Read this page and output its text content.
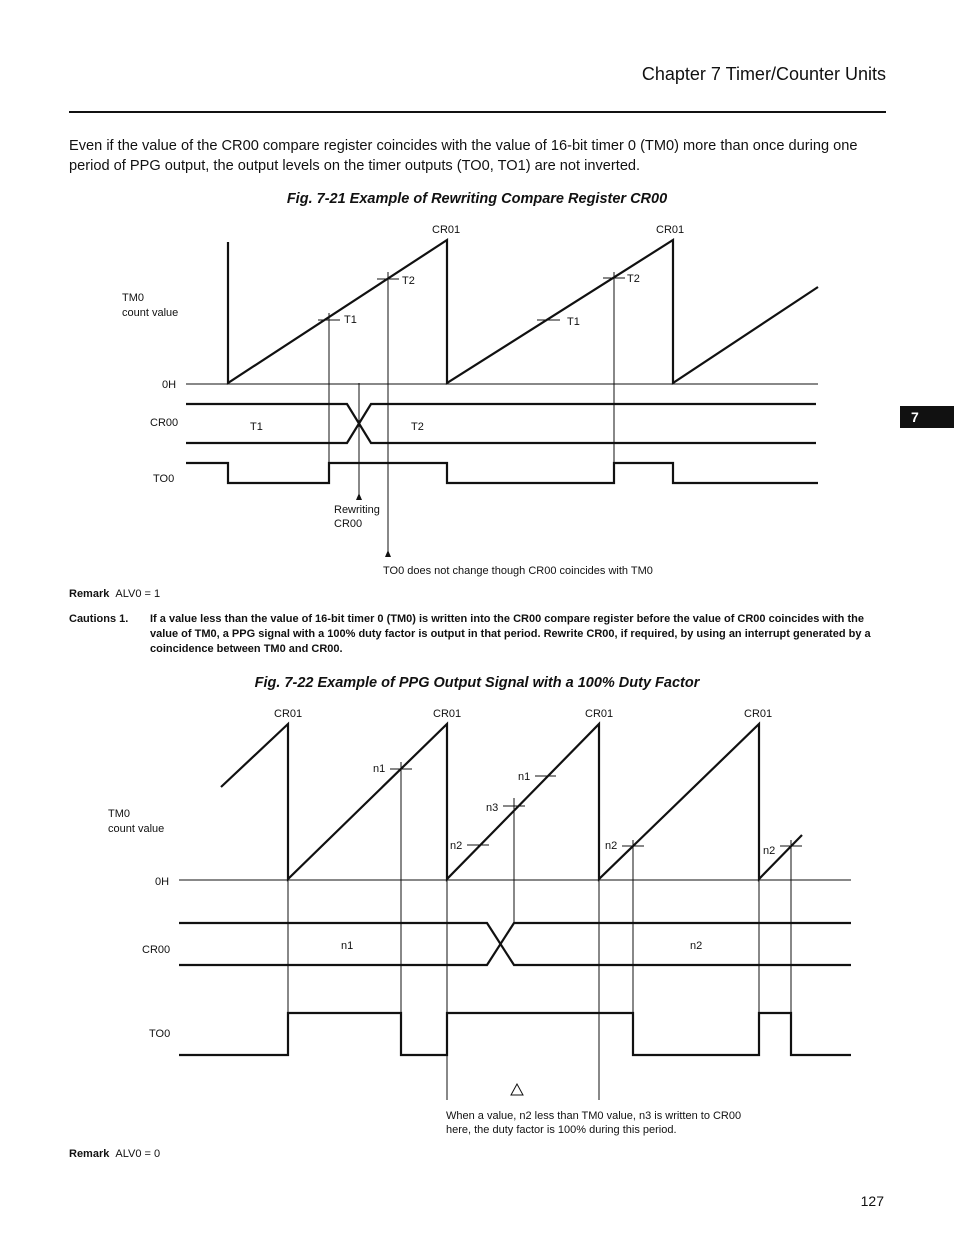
Chapter 7 Timer/Counter Units
Even if the value of the CR00 compare register coincides with the value of 16-bit timer 0 (TM0) more than once during one period of PPG output, the output levels on the timer outputs (TO0, TO1) are not inverted.
Fig. 7-21 Example of Rewriting Compare Register CR00
CR01	CR01
T2	T2
T1	T1
TM0
count value
0H
CR00	T1	T2
TO0
Rewriting
CR00
TO0 does not change though CR00 coincides with TM0
Remark ALV0 = 1
Cautions 1.	If a value less than the value of 16-bit timer 0 (TM0) is written into the CR00 compare register before the value of CR00 coincides with the value of TM0, a PPG signal with a 100% duty factor is output in that period. Rewrite CR00, if required, by using an interrupt generated by a coincidence between TM0 and CR00.
Fig. 7-22 Example of PPG Output Signal with a 100% Duty Factor
CR01	CR01	CR01	CR01
n1
n1
n3
n2	n2	n2
TM0
count value
0H
CR00	n1	n2
TO0
When a value, n2 less than TM0 value, n3 is written to CR00
here, the duty factor is 100% during this period.
Remark ALV0 = 0
7
127
